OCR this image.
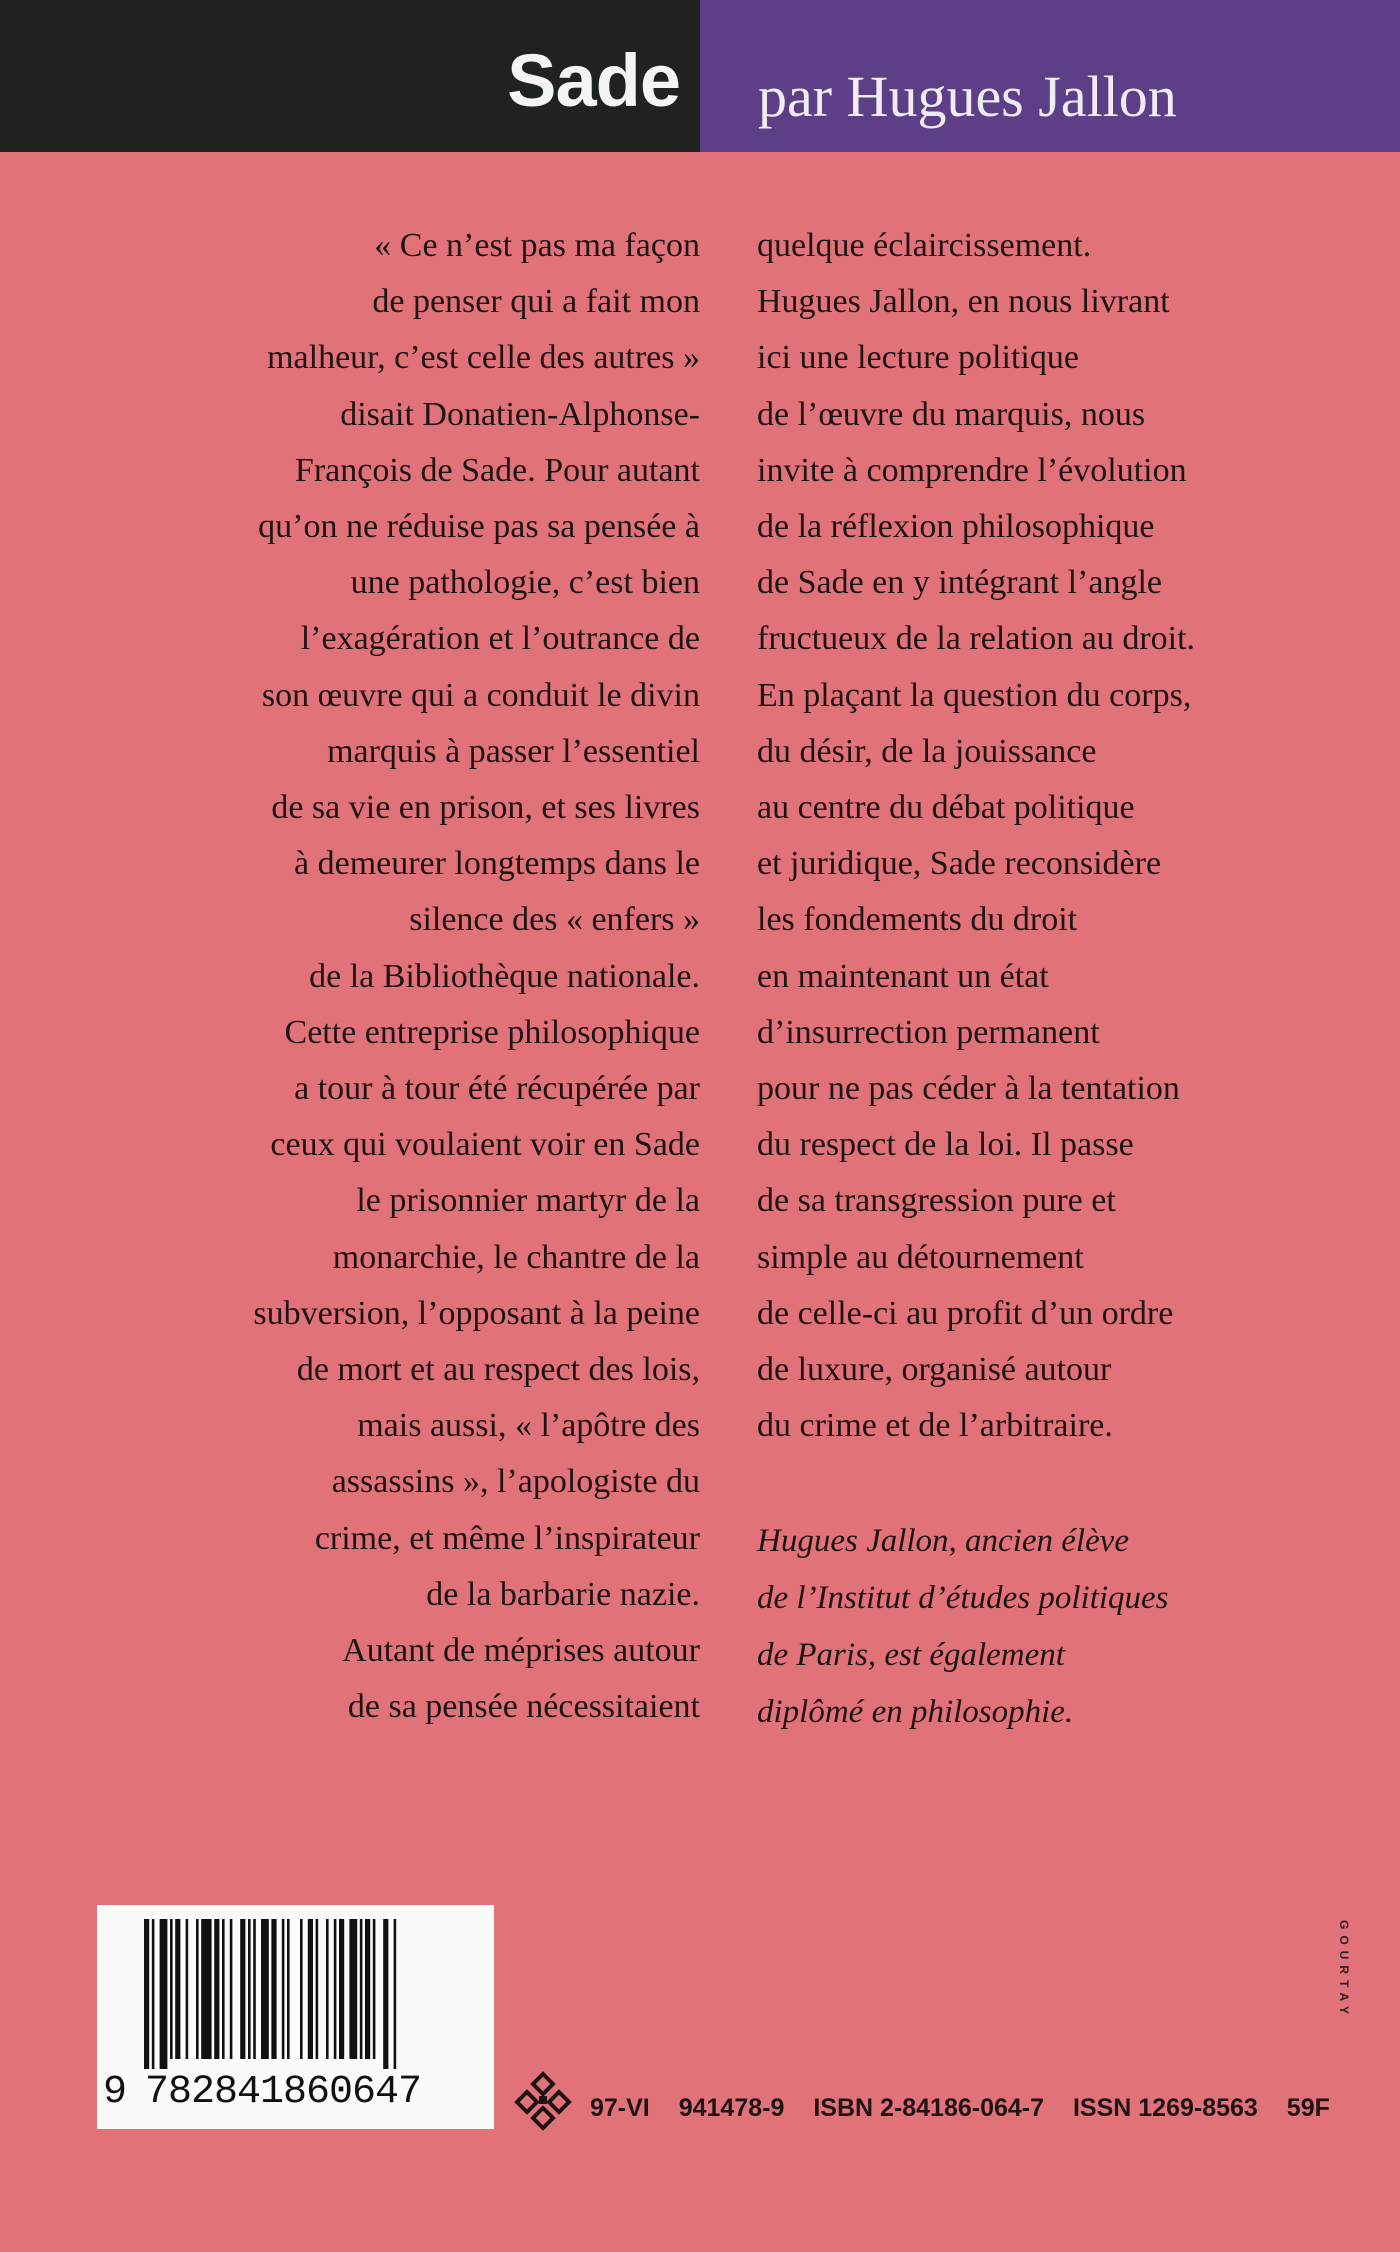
Sade par Hugues Jallon
« Ce n’est pas ma façon
de penser qui a fait mon
malheur, c’est celle des autres »
disait Donatien-Alphonse-
François de Sade. Pour autant
qu’on ne réduise pas sa pensée à
une pathologie, c’est bien
l’exagération et l’outrance de
son œuvre qui a conduit le divin
marquis à passer l’essentiel
de sa vie en prison, et ses livres
à demeurer longtemps dans le
silence des « enfers »
de la Bibliothèque nationale.
Cette entreprise philosophique
a tour à tour été récupérée par
ceux qui voulaient voir en Sade
le prisonnier martyr de la
monarchie, le chantre de la
subversion, l’opposant à la peine
de mort et au respect des lois,
mais aussi, « l’apôtre des
assassins », l’apologiste du
crime, et même l’inspirateur
de la barbarie nazie.
Autant de méprises autour
de sa pensée nécessitaient
quelque éclaircissement.
Hugues Jallon, en nous livrant
ici une lecture politique
de l’œuvre du marquis, nous
invite à comprendre l’évolution
de la réflexion philosophique
de Sade en y intégrant l’angle
fructueux de la relation au droit.
En plaçant la question du corps,
du désir, de la jouissance
au centre du débat politique
et juridique, Sade reconsidère
les fondements du droit
en maintenant un état
d’insurrection permanent
pour ne pas céder à la tentation
du respect de la loi. Il passe
de sa transgression pure et
simple au détournement
de celle-ci au profit d’un ordre
de luxure, organisé autour
du crime et de l’arbitraire.
Hugues Jallon, ancien élève
de l’Institut d’études politiques
de Paris, est également
diplômé en philosophie.
9 782841860647	97-VI 941478-9 ISBN 2-84186-064-7 ISSN 1269-8563 59F
GOURTAY
